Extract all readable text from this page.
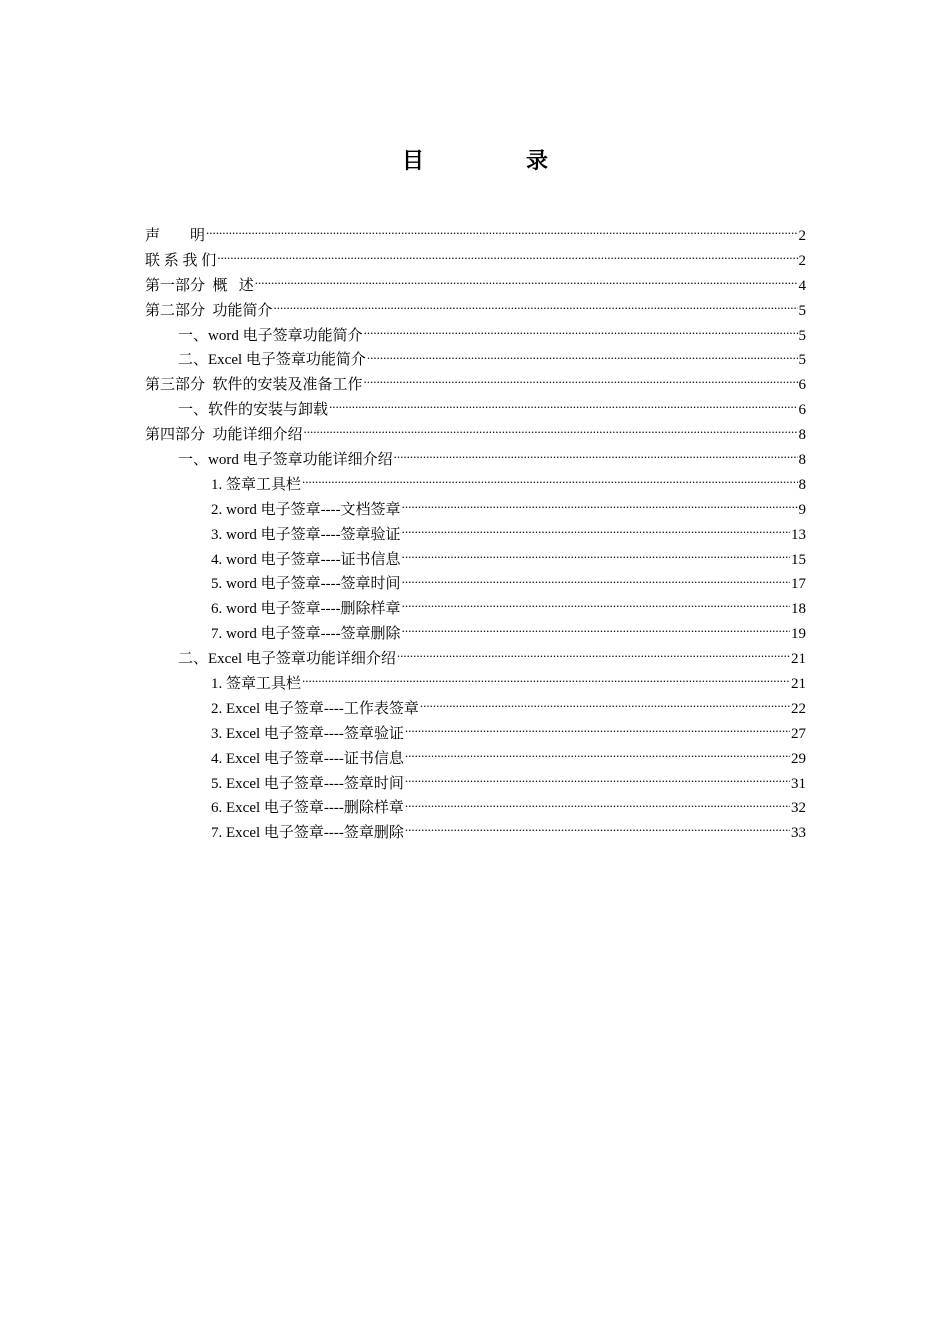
目　录
声　　明 .....	2
联 系 我 们 .....	2
第一部分  概   述 .....	4
第二部分  功能简介 .....	5
一、word 电子签章功能简介 .....	5
二、Excel 电子签章功能简介 .....	5
第三部分  软件的安装及准备工作 .....	6
一、软件的安装与卸载 .....	6
第四部分  功能详细介绍 .....	8
一、word 电子签章功能详细介绍 .....	8
1. 签章工具栏 .....	8
2. word 电子签章----文档签章 .....	9
3. word 电子签章----签章验证 .....	13
4. word 电子签章----证书信息 .....	15
5. word 电子签章----签章时间 .....	17
6. word 电子签章----删除样章 .....	18
7. word 电子签章----签章删除 .....	19
二、Excel 电子签章功能详细介绍 .....	21
1. 签章工具栏 .....	21
2. Excel 电子签章----工作表签章 .....	22
3. Excel 电子签章----签章验证 .....	27
4. Excel 电子签章----证书信息 .....	29
5. Excel 电子签章----签章时间 .....	31
6. Excel 电子签章----删除样章 .....	32
7. Excel 电子签章----签章删除 .....	33
